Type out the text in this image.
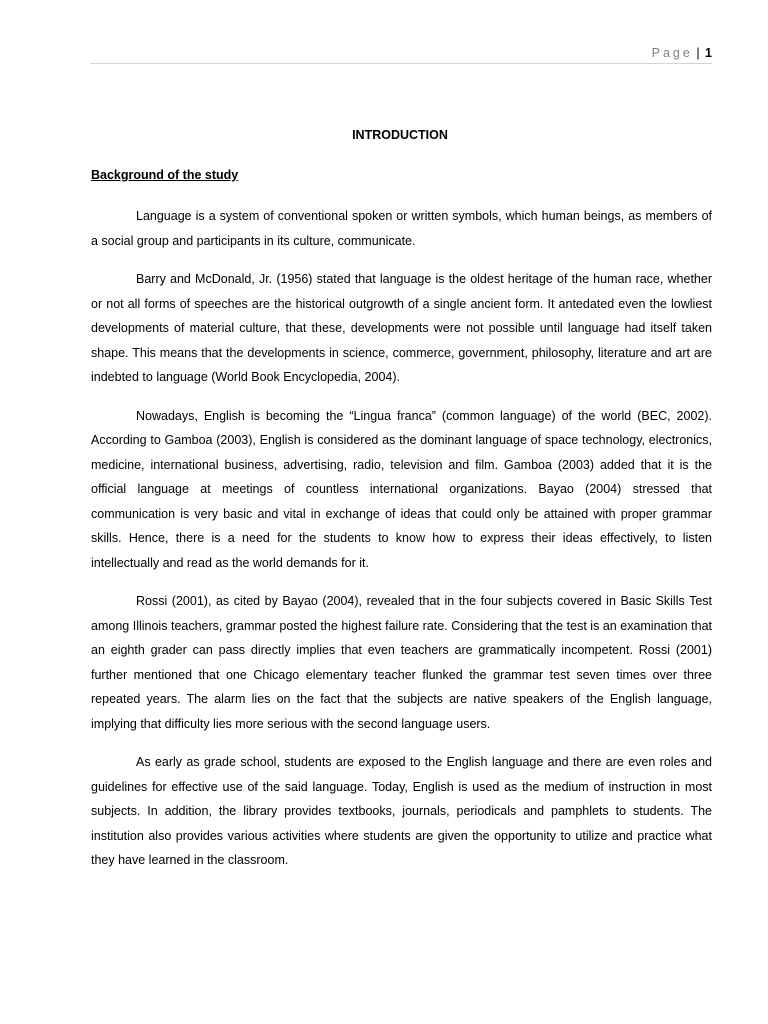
Page | 1
INTRODUCTION
Background of the study

Language is a system of conventional spoken or written symbols, which human beings, as members of a social group and participants in its culture, communicate.

Barry and McDonald, Jr. (1956) stated that language is the oldest heritage of the human race, whether or not all forms of speeches are the historical outgrowth of a single ancient form. It antedated even the lowliest developments of material culture, that these, developments were not possible until language had itself taken shape. This means that the developments in science, commerce, government, philosophy, literature and art are indebted to language (World Book Encyclopedia, 2004).

Nowadays, English is becoming the “Lingua franca” (common language) of the world (BEC, 2002). According to Gamboa (2003), English is considered as the dominant language of space technology, electronics, medicine, international business, advertising, radio, television and film. Gamboa (2003) added that it is the official language at meetings of countless international organizations. Bayao (2004) stressed that communication is very basic and vital in exchange of ideas that could only be attained with proper grammar skills. Hence, there is a need for the students to know how to express their ideas effectively, to listen intellectually and read as the world demands for it.

Rossi (2001), as cited by Bayao (2004), revealed that in the four subjects covered in Basic Skills Test among Illinois teachers, grammar posted the highest failure rate. Considering that the test is an examination that an eighth grader can pass directly implies that even teachers are grammatically incompetent. Rossi (2001) further mentioned that one Chicago elementary teacher flunked the grammar test seven times over three repeated years. The alarm lies on the fact that the subjects are native speakers of the English language, implying that difficulty lies more serious with the second language users.

As early as grade school, students are exposed to the English language and there are even roles and guidelines for effective use of the said language. Today, English is used as the medium of instruction in most subjects. In addition, the library provides textbooks, journals, periodicals and pamphlets to students. The institution also provides various activities where students are given the opportunity to utilize and practice what they have learned in the classroom.
